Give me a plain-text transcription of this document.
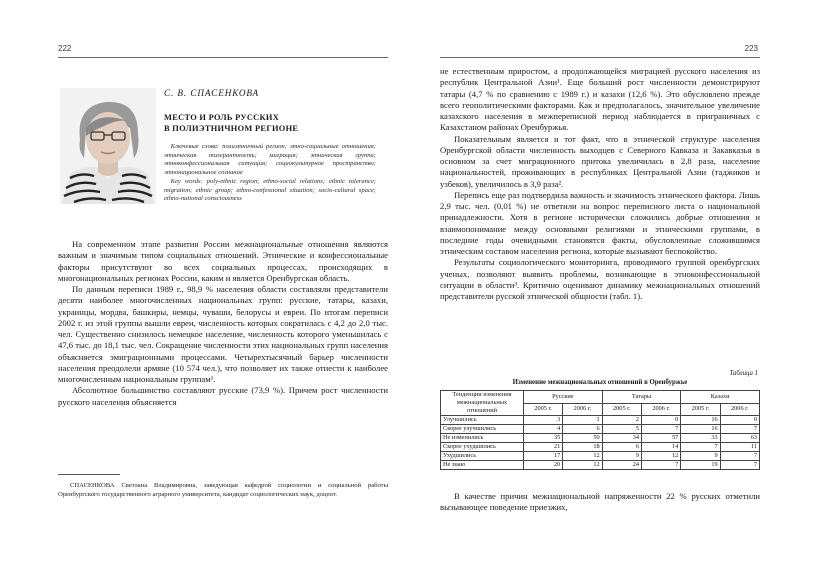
222
С. В. СПАСЕНКОВА
МЕСТО И РОЛЬ РУССКИХ
В ПОЛИЭТНИЧНОМ РЕГИОНЕ
 Ключевые слова: полиэтничный регион; этно-социальные отношения; этническая толерантность; миграция; этническая группа; этноконфессиональная ситуация; социокультурное пространство; этнонациональное сознание
 Key words: poly-ethnic region; ethno-social relations; ethnic tolerance; migration; ethnic group; ethno-confessional situation; socio-cultural space; ethno-national consciousness

На современном этапе развития России межнациональные отношения являются важным и значимым типом социальных отношений. Этнические и конфессиональные факторы присутствуют во всех социальных процессах, происходящих в многонациональных регионах России, каким и является Оренбургская область.

По данным переписи 1989 г., 98,9 % населения области составляли представители десяти наиболее многочисленных национальных групп: русские, татары, казахи, украинцы, мордва, башкиры, немцы, чуваши, белорусы и евреи. По итогам переписи 2002 г. из этой группы вышли евреи, численность которых сократилась с 4,2 до 2,0 тыс. чел. Существенно снизилось немецкое население, численность которого уменьшилась с 47,6 тыс. до 18,1 тыс. чел. Сокращение численности этих национальных групп населения объясняется эмиграционными процессами. Четырехтысячный барьер численности населения преодолели армяне (10 574 чел.), что позволяет их также отнести к наиболее многочисленным национальным группам¹.

Абсолютное большинство составляют русские (73,9 %). Причем рост численности русского населения объясняется

СПАСЕНКОВА Светлана Владимировна, заведующая кафедрой социологии и социальной работы Оренбургского государственного аграрного университета, кандидат социологических наук, доцент.
223

не естественным приростом, а продолжающейся миграцией русского населения из республик Центральной Азии¹. Еще больший рост численности демонстрируют татары (4,7 % по сравнению с 1989 г.) и казахи (12,6 %). Это обусловлено прежде всего геополитическими факторами. Как и предполагалось, значительное увеличение казахского населения в межпереписной период наблюдается в приграничных с Казахстаном районах Оренбуржья.

Показательным является и тот факт, что в этнической структуре населения Оренбургской области численность выходцев с Северного Кавказа и Закавказья в основном за счет миграционного притока увеличилась в 2,8 раза, население национальностей, проживающих в республиках Центральной Азии (таджиков и узбеков), увеличилось в 3,9 раза².

Перепись еще раз подтвердила важность и значимость этнического фактора. Лишь 2,9 тыс. чел. (0,01 %) не ответили на вопрос переписного листа о национальной принадлежности. Хотя в регионе исторически сложились добрые отношения и взаимопонимание между основными религиями и этническими группами, в последние годы очевидными становятся факты, обусловленные сложившимся этническим составом населения региона, которые вызывают беспокойство.

Результаты социологического мониторинга, проводимого группой оренбургских ученых, позволяют выявить проблемы, возникающие в этноконфессиональной ситуации в области³. Критично оценивают динамику межнациональных отношений представители русской этнической общности (табл. 1).

Таблица 1
Изменение межнациональных отношений в Оренбуржье
Тенденции изменения межнациональных отношений	Русские		Татары		Казахи	
	2005 г.	2006 г.	2005 г.	2006 г.	2005 г.	2006 г.
Улучшились	3	1	2	0	16	0
Скорее улучшились	4	6	5	7	16	7
Не изменились	35	50	34	57	33	63
Скорее ухудшились	21	18	6	14	7	11
Ухудшились	17	12	9	12	9	7
Не знаю	20	12	24	7	19	7

В качестве причин межнациональной напряженности 22 % русских отметили вызывающее поведение приезжих,
